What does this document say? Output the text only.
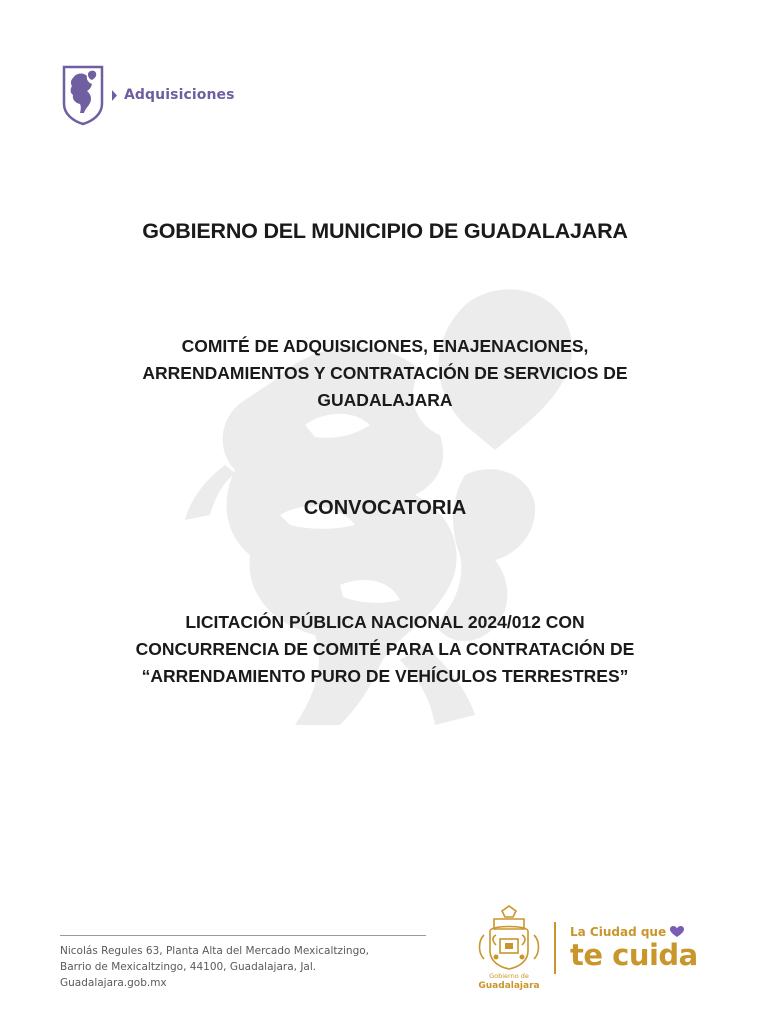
Adquisiciones
GOBIERNO DEL MUNICIPIO DE GUADALAJARA
COMITÉ DE ADQUISICIONES, ENAJENACIONES,
ARRENDAMIENTOS Y CONTRATACIÓN DE SERVICIOS DE
GUADALAJARA
CONVOCATORIA
LICITACIÓN PÚBLICA NACIONAL 2024/012 CON
CONCURRENCIA DE COMITÉ PARA LA CONTRATACIÓN DE
“ARRENDAMIENTO PURO DE VEHÍCULOS TERRESTRES”
Nicolás Regules 63, Planta Alta del Mercado Mexicaltzingo,
Barrio de Mexicaltzingo, 44100, Guadalajara, Jal.
Guadalajara.gob.mx
Gobierno de
Guadalajara
La Ciudad que
te cuida
